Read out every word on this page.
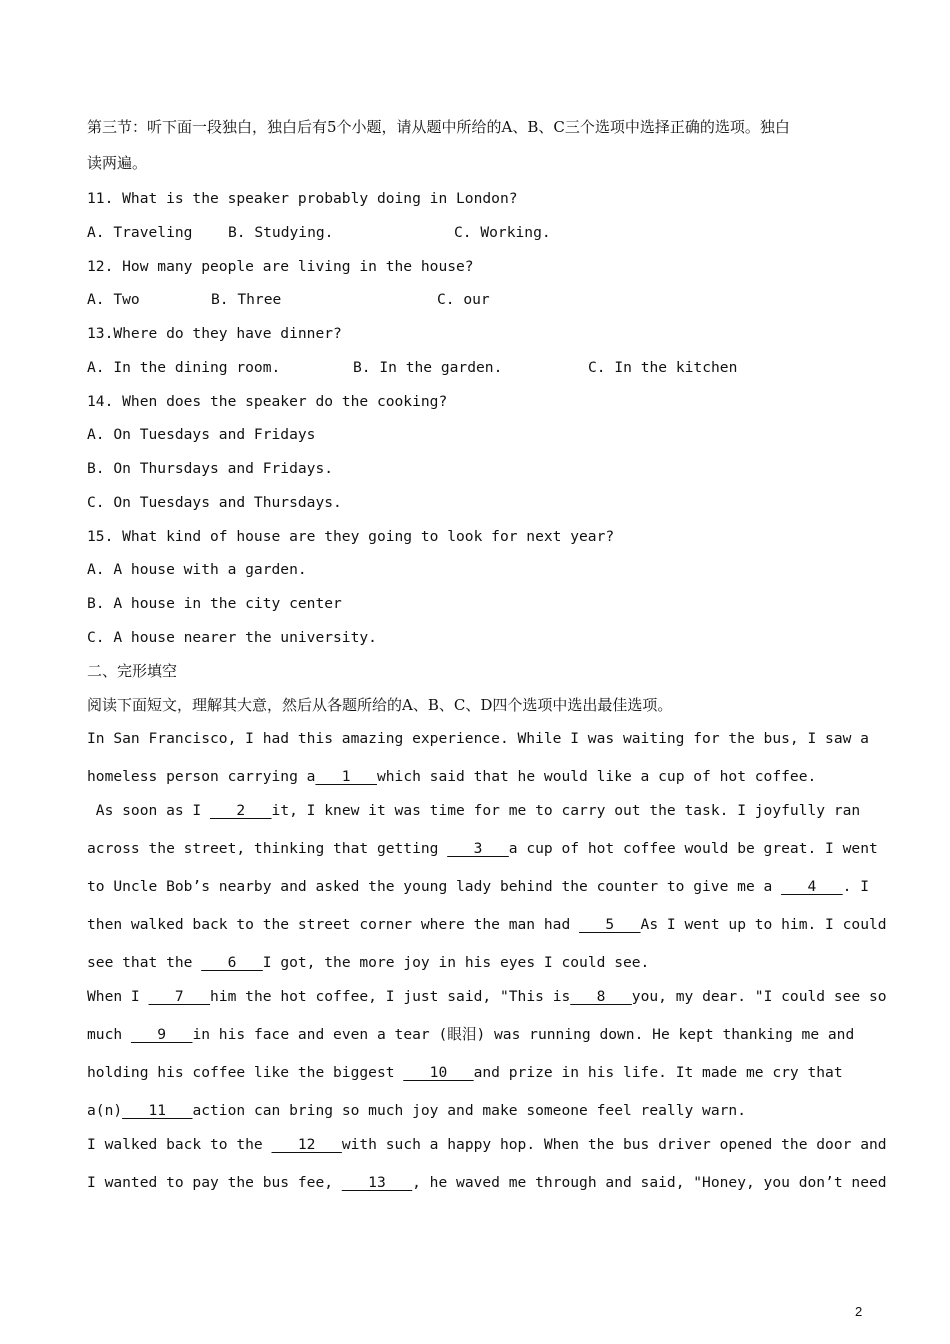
第三节：听下面一段独白，独白后有5个小题，请从题中所给的A、B、C三个选项中选择正确的选项。独白
读两遍。
11. What is the speaker probably doing in London?
A. Traveling B. Studying.	C. Working.
12. How many people are living in the house?
A. Two	B. Three	C. our
13.Where do they have dinner?
A. In the dining room.	B. In the garden.	C. In the kitchen
14. When does the speaker do the cooking?
A. On Tuesdays and Fridays
B. On Thursdays and Fridays.
C. On Tuesdays and Thursdays.
15. What kind of house are they going to look for next year?
A. A house with a garden.
B. A house in the city center
C. A house nearer the university.
二、完形填空
阅读下面短文，理解其大意，然后从各题所给的A、B、C、D四个选项中选出最佳选项。
In San Francisco, I had this amazing experience. While I was waiting for the bus, I saw a
homeless person carrying a___1___which said that he would like a cup of hot coffee.
As soon as I ___2___it, I knew it was time for me to carry out the task. I joyfully ran
across the street, thinking that getting ___3___a cup of hot coffee would be great. I went
to Uncle Bob’s nearby and asked the young lady behind the counter to give me a ___4___. I
then walked back to the street corner where the man had ___5___As I went up to him. I could
see that the ___6___I got, the more joy in his eyes I could see.
When I ___7___him the hot coffee, I just said, "This is___8___you, my dear. "I could see so
much ___9___in his face and even a tear (眼泪) was running down. He kept thanking me and
holding his coffee like the biggest ___10___and prize in his life. It made me cry that
a(n)___11___action can bring so much joy and make someone feel really warn.
I walked back to the ___12___with such a happy hop. When the bus driver opened the door and
I wanted to pay the bus fee, ___13___, he waved me through and said, "Honey, you don’t need
2
